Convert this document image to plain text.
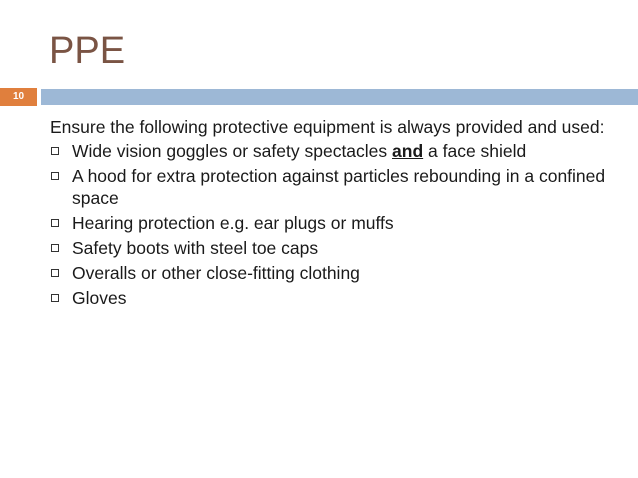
PPE
10

Ensure the following protective equipment is always provided and used:

Wide vision goggles or safety spectacles and a face shield
A hood for extra protection against particles rebounding in a confined space
Hearing protection e.g. ear plugs or muffs
Safety boots with steel toe caps
Overalls or other close-fitting clothing
Gloves
